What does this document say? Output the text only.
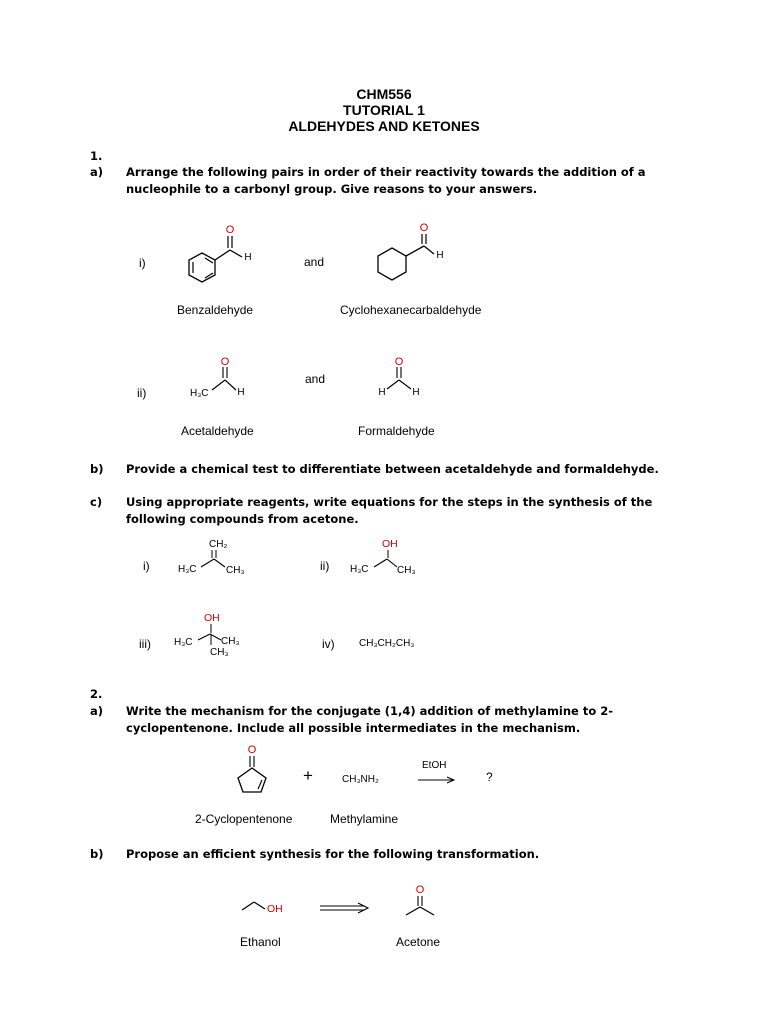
CHM556
TUTORIAL 1
ALDEHYDES AND KETONES
1.
a) Arrange the following pairs in order of their reactivity towards the addition of a nucleophile to a carbonyl group. Give reasons to your answers.
i)	and
O
H
O
H
Benzaldehyde	Cyclohexanecarbaldehyde
ii)
and
H₃C
O
H	H
O
H
Acetaldehyde	Formaldehyde
b) Provide a chemical test to differentiate between acetaldehyde and formaldehyde.
c) Using appropriate reagents, write equations for the steps in the synthesis of the following compounds from acetone.
i)
CH₂
H₃C	CH₃	ii)
OH
H₃C	CH₃
iii)
OH
H₃C	CH₃
CH₃
iv) CH₃CH₂CH₃
2.
a) Write the mechanism for the conjugate (1,4) addition of methylamine to 2-cyclopentenone. Include all possible intermediates in the mechanism.
O
+	CH₃NH₂
EtOH
?
2-Cyclopentenone	Methylamine
b) Propose an efficient synthesis for the following transformation.
OH
O
Ethanol	Acetone
